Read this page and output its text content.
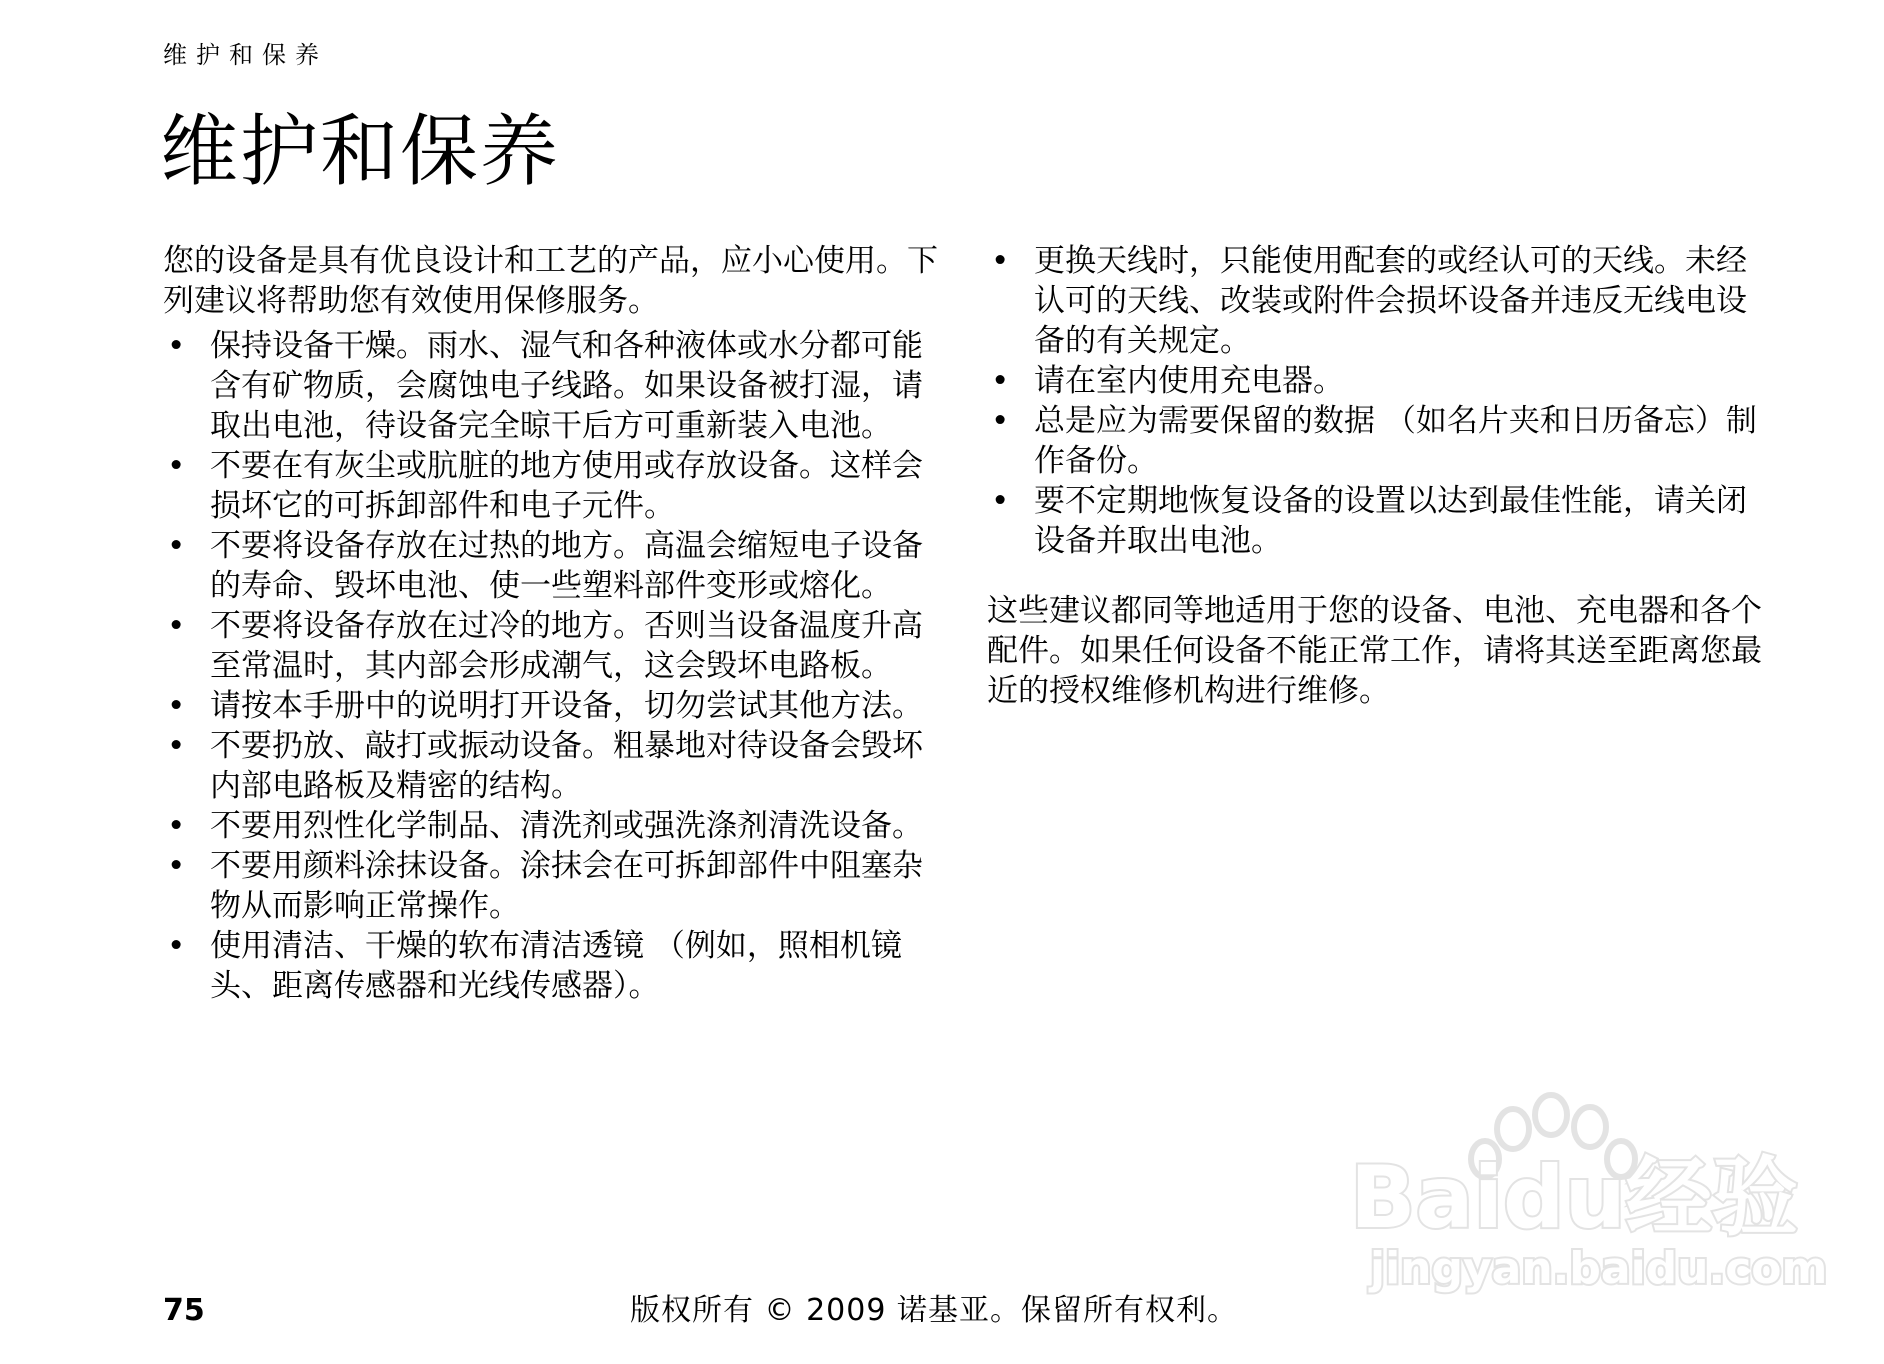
维护和保养
维护和保养

您的设备是具有优良设计和工艺的产品，应小心使用。下列建议将帮助您有效使用保修服务。

• 保持设备干燥。雨水、湿气和各种液体或水分都可能含有矿物质，会腐蚀电子线路。如果设备被打湿，请取出电池，待设备完全晾干后方可重新装入电池。
• 不要在有灰尘或肮脏的地方使用或存放设备。这样会损坏它的可拆卸部件和电子元件。
• 不要将设备存放在过热的地方。高温会缩短电子设备的寿命、毁坏电池、使一些塑料部件变形或熔化。
• 不要将设备存放在过冷的地方。否则当设备温度升高至常温时，其内部会形成潮气，这会毁坏电路板。
• 请按本手册中的说明打开设备，切勿尝试其他方法。
• 不要扔放、敲打或振动设备。粗暴地对待设备会毁坏内部电路板及精密的结构。
• 不要用烈性化学制品、清洗剂或强洗涤剂清洗设备。
• 不要用颜料涂抹设备。涂抹会在可拆卸部件中阻塞杂物从而影响正常操作。
• 使用清洁、干燥的软布清洁透镜 （例如，照相机镜头、距离传感器和光线传感器）。
• 更换天线时，只能使用配套的或经认可的天线。未经认可的天线、改装或附件会损坏设备并违反无线电设备的有关规定。
• 请在室内使用充电器。
• 总是应为需要保留的数据 （如名片夹和日历备忘）制作备份。
• 要不定期地恢复设备的设置以达到最佳性能，请关闭设备并取出电池。

这些建议都同等地适用于您的设备、电池、充电器和各个配件。如果任何设备不能正常工作，请将其送至距离您最近的授权维修机构进行维修。

Baidu经验
jingyan.baidu.com
75	版权所有 © 2009 诺基亚。保留所有权利。
